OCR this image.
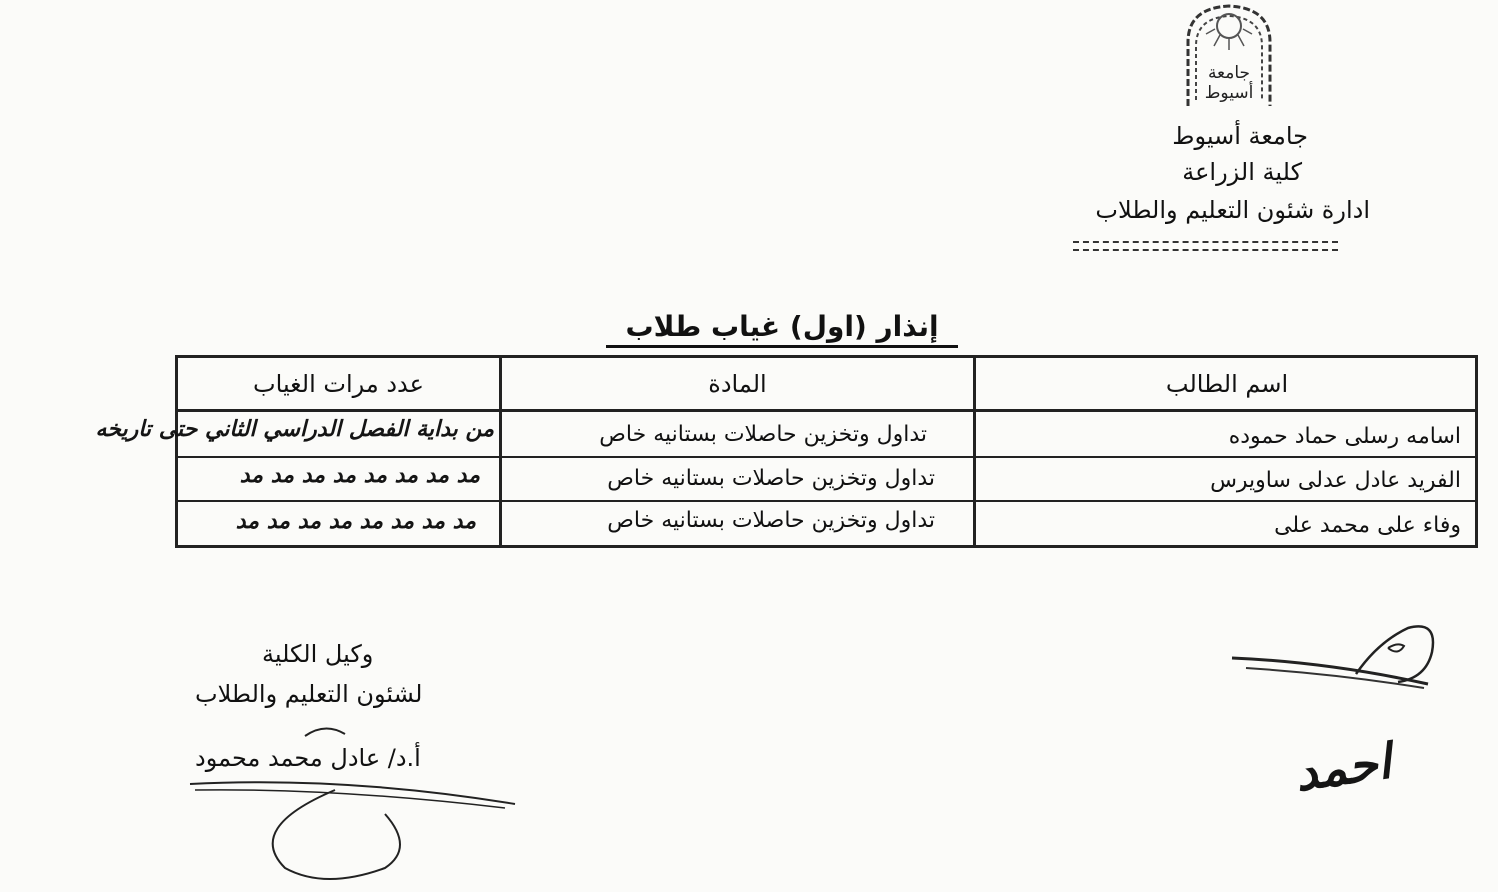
جامعة
أسيوط
جامعة أسيوط
كلية الزراعة
ادارة شئون التعليم والطلاب
إنذار (اول) غياب طلاب
اسم الطالب
المادة
عدد مرات الغياب
اسامه رسلى حماد حموده
تداول وتخزين حاصلات بستانيه خاص
الفريد عادل عدلى ساويرس
تداول وتخزين حاصلات بستانيه خاص
وفاء على محمد على
تداول وتخزين حاصلات بستانيه خاص
من بداية الفصل الدراسي الثاني حتى تاريخه
مد مد مد مد مد مد مد مد
مد مد مد مد مد مد مد مد
وكيل الكلية
لشئون التعليم والطلاب
أ.د/ عادل محمد محمود	احمد
